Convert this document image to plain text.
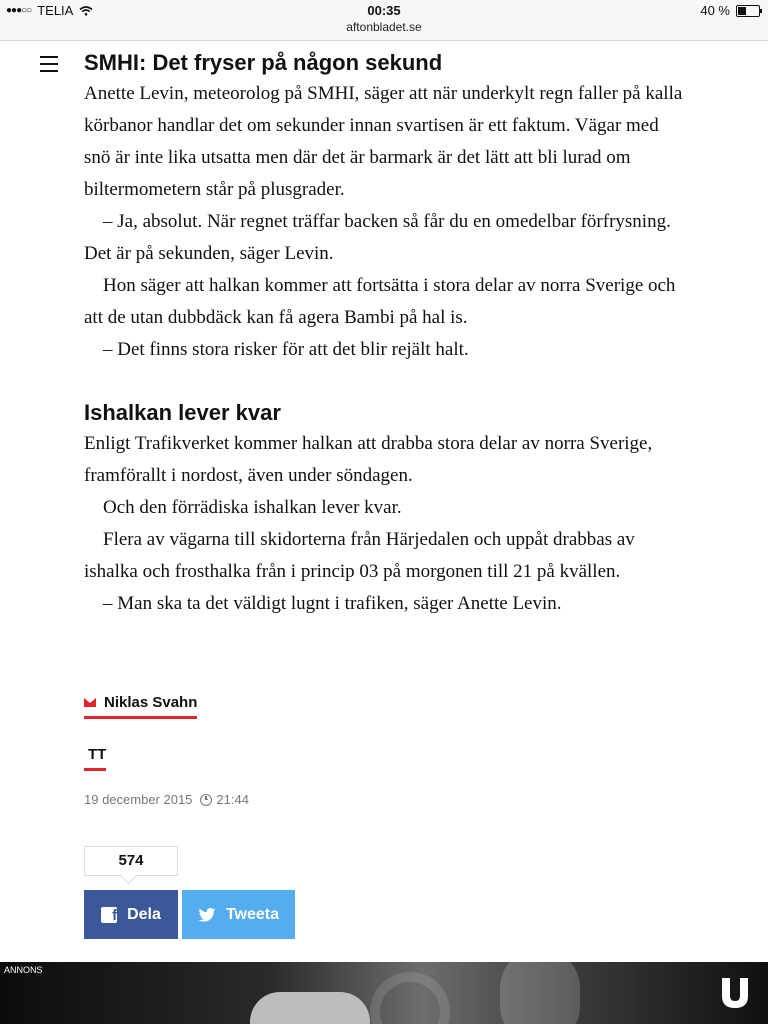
●●●○○ TELIA	00:35
aftonbladet.se
40 %
SMHI: Det fryser på någon sekund

Anette Levin, meteorolog på SMHI, säger att när underkylt regn faller på kalla körbanor handlar det om sekunder innan svartisen är ett faktum. Vägar med snö är inte lika utsatta men där det är barmark är det lätt att bli lurad om biltermometern står på plusgrader.

– Ja, absolut. När regnet träffar backen så får du en omedelbar förfrysning. Det är på sekunden, säger Levin.

Hon säger att halkan kommer att fortsätta i stora delar av norra Sverige och att de utan dubbdäck kan få agera Bambi på hal is.

– Det finns stora risker för att det blir rejält halt.

Ishalkan lever kvar

Enligt Trafikverket kommer halkan att drabba stora delar av norra Sverige, framförallt i nordost, även under söndagen.

Och den förrädiska ishalkan lever kvar.

Flera av vägarna till skidorterna från Härjedalen och uppåt drabbas av ishalka och frosthalka från i princip 03 på morgonen till 21 på kvällen.

– Man ska ta det väldigt lugnt i trafiken, säger Anette Levin.

Niklas Svahn
TT
19 december 2015 21:44
574
f Dela	Tweeta
ANNONS
